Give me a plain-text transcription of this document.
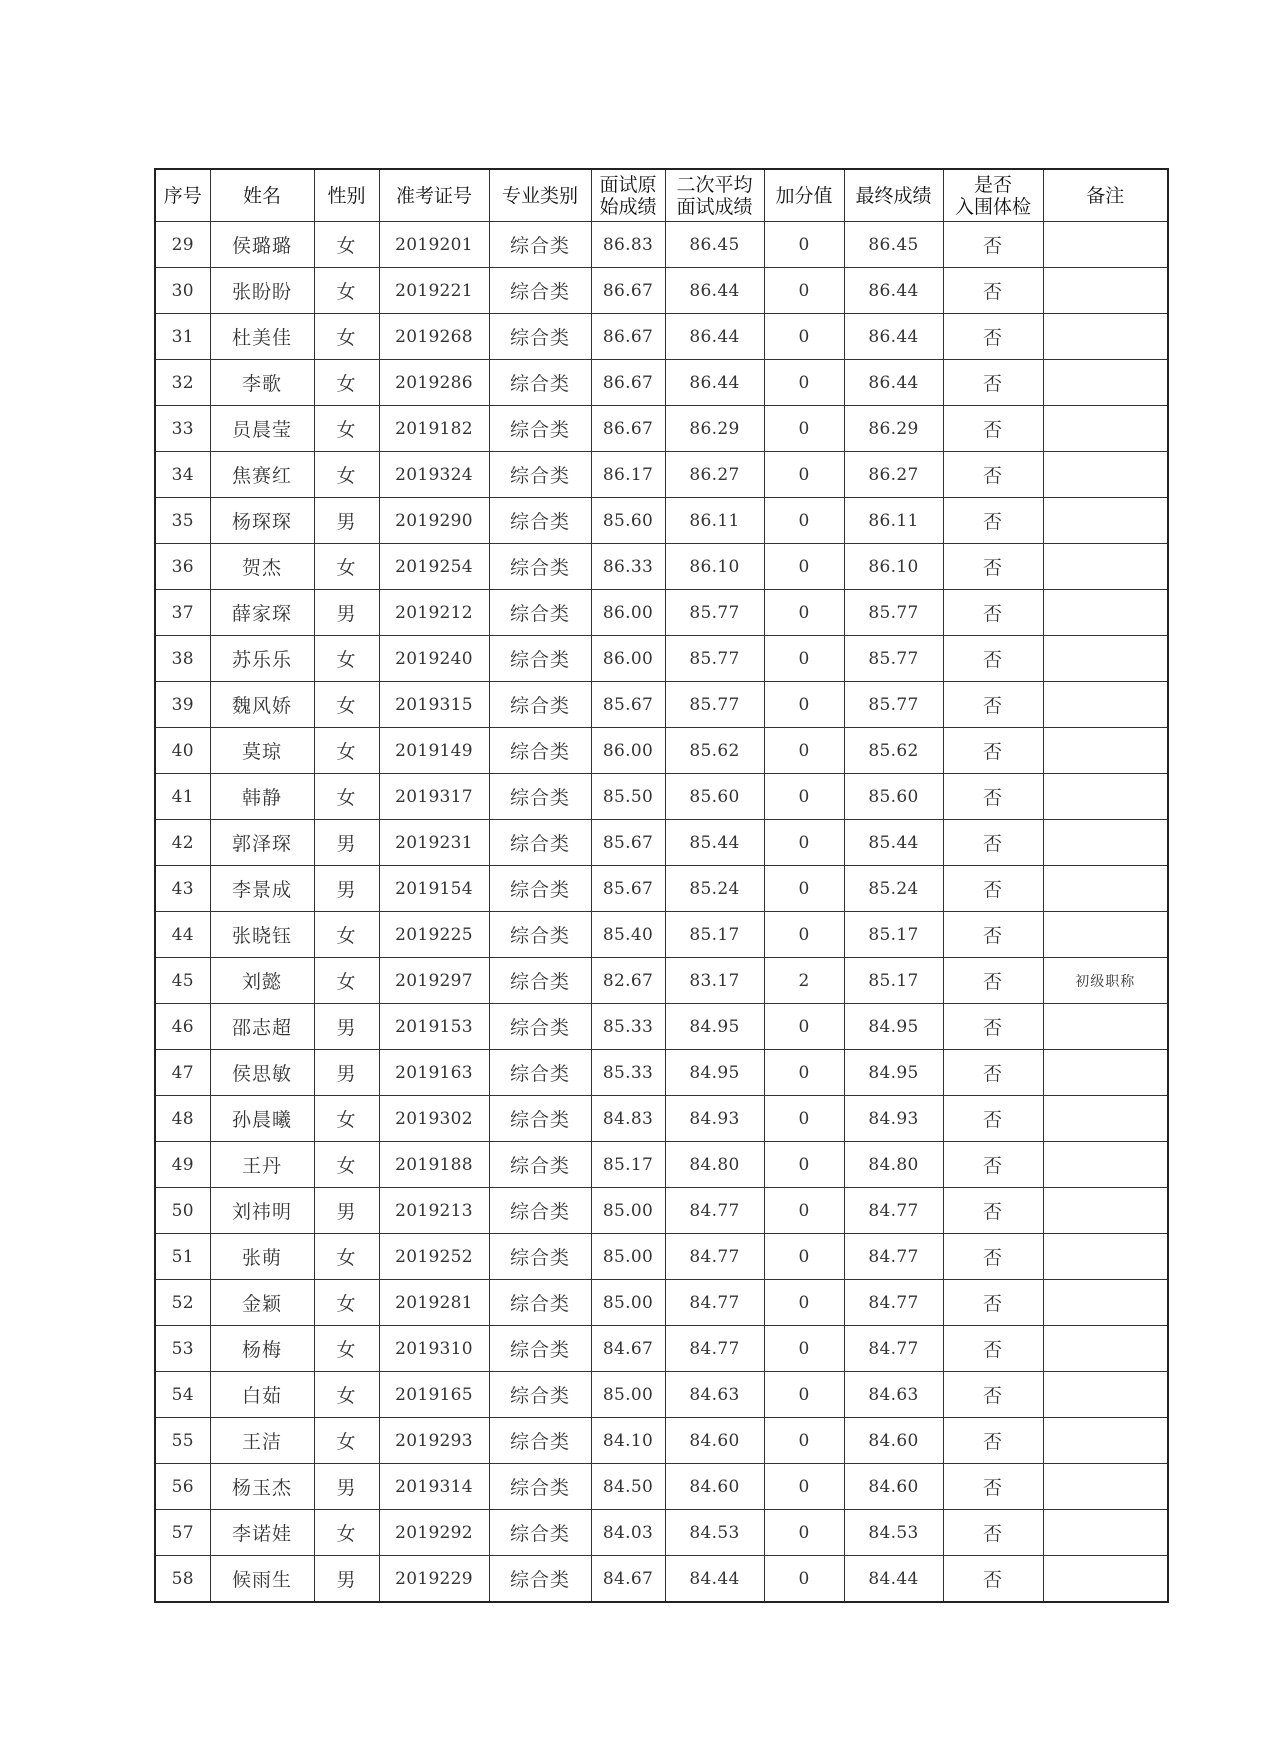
序号	姓名	性别	准考证号	专业类别	面试原
始成绩	二次平均
面试成绩	加分值	最终成绩	是否
入围体检	备注
29	侯璐璐	女	2019201	综合类	86.83	86.45	0	86.45	否	
30	张盼盼	女	2019221	综合类	86.67	86.44	0	86.44	否	
31	杜美佳	女	2019268	综合类	86.67	86.44	0	86.44	否	
32	李歌	女	2019286	综合类	86.67	86.44	0	86.44	否	
33	员晨莹	女	2019182	综合类	86.67	86.29	0	86.29	否	
34	焦赛红	女	2019324	综合类	86.17	86.27	0	86.27	否	
35	杨琛琛	男	2019290	综合类	85.60	86.11	0	86.11	否	
36	贺杰	女	2019254	综合类	86.33	86.10	0	86.10	否	
37	薛家琛	男	2019212	综合类	86.00	85.77	0	85.77	否	
38	苏乐乐	女	2019240	综合类	86.00	85.77	0	85.77	否	
39	魏风娇	女	2019315	综合类	85.67	85.77	0	85.77	否	
40	莫琼	女	2019149	综合类	86.00	85.62	0	85.62	否	
41	韩静	女	2019317	综合类	85.50	85.60	0	85.60	否	
42	郭泽琛	男	2019231	综合类	85.67	85.44	0	85.44	否	
43	李景成	男	2019154	综合类	85.67	85.24	0	85.24	否	
44	张晓钰	女	2019225	综合类	85.40	85.17	0	85.17	否	
45	刘懿	女	2019297	综合类	82.67	83.17	2	85.17	否	初级职称
46	邵志超	男	2019153	综合类	85.33	84.95	0	84.95	否	
47	侯思敏	男	2019163	综合类	85.33	84.95	0	84.95	否	
48	孙晨曦	女	2019302	综合类	84.83	84.93	0	84.93	否	
49	王丹	女	2019188	综合类	85.17	84.80	0	84.80	否	
50	刘祎明	男	2019213	综合类	85.00	84.77	0	84.77	否	
51	张萌	女	2019252	综合类	85.00	84.77	0	84.77	否	
52	金颖	女	2019281	综合类	85.00	84.77	0	84.77	否	
53	杨梅	女	2019310	综合类	84.67	84.77	0	84.77	否	
54	白茹	女	2019165	综合类	85.00	84.63	0	84.63	否	
55	王洁	女	2019293	综合类	84.10	84.60	0	84.60	否	
56	杨玉杰	男	2019314	综合类	84.50	84.60	0	84.60	否	
57	李诺娃	女	2019292	综合类	84.03	84.53	0	84.53	否	
58	候雨生	男	2019229	综合类	84.67	84.44	0	84.44	否	
